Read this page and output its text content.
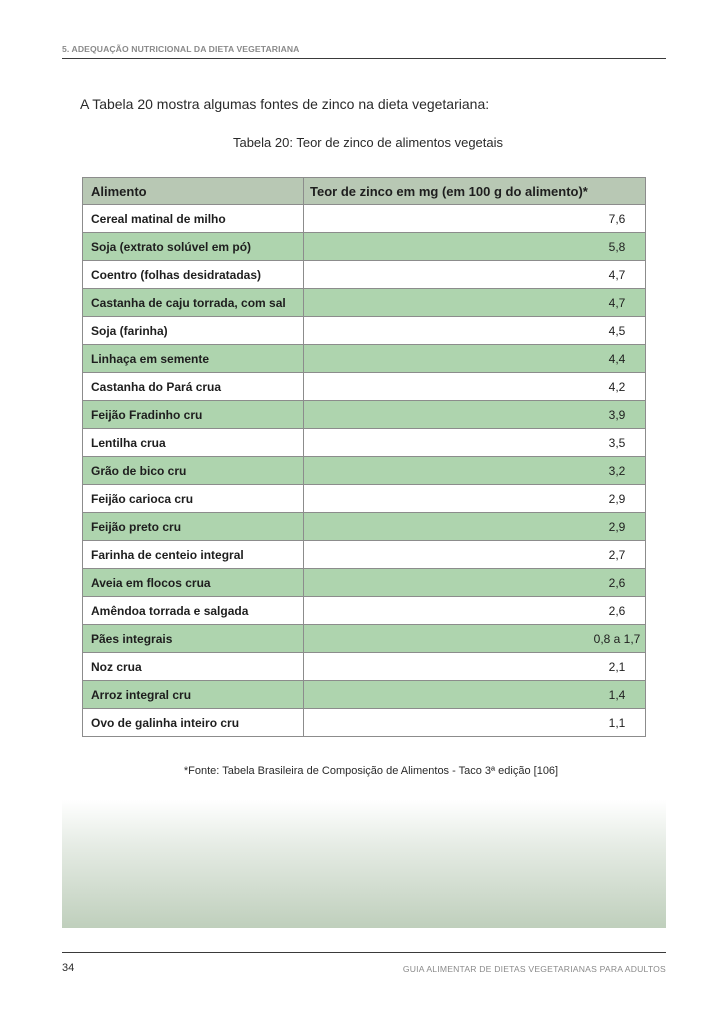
5. ADEQUAÇÃO NUTRICIONAL DA DIETA VEGETARIANA
A Tabela 20 mostra algumas fontes de zinco na dieta vegetariana:
Tabela 20: Teor de zinco de alimentos vegetais
Alimento	Teor de zinco em mg (em 100 g do alimento)*
Cereal matinal de milho	7,6
Soja (extrato solúvel em pó)	5,8
Coentro (folhas desidratadas)	4,7
Castanha de caju torrada, com sal	4,7
Soja (farinha)	4,5
Linhaça em semente	4,4
Castanha do Pará crua	4,2
Feijão Fradinho cru	3,9
Lentilha crua	3,5
Grão de bico cru	3,2
Feijão carioca cru	2,9
Feijão preto cru	2,9
Farinha de centeio integral	2,7
Aveia em flocos crua	2,6
Amêndoa torrada e salgada	2,6
Pães integrais	0,8 a 1,7
Noz crua	2,1
Arroz integral cru	1,4
Ovo de galinha inteiro cru	1,1
*Fonte: Tabela Brasileira de Composição de Alimentos - Taco 3ª edição [106]
34	GUIA ALIMENTAR DE DIETAS VEGETARIANAS PARA ADULTOS
